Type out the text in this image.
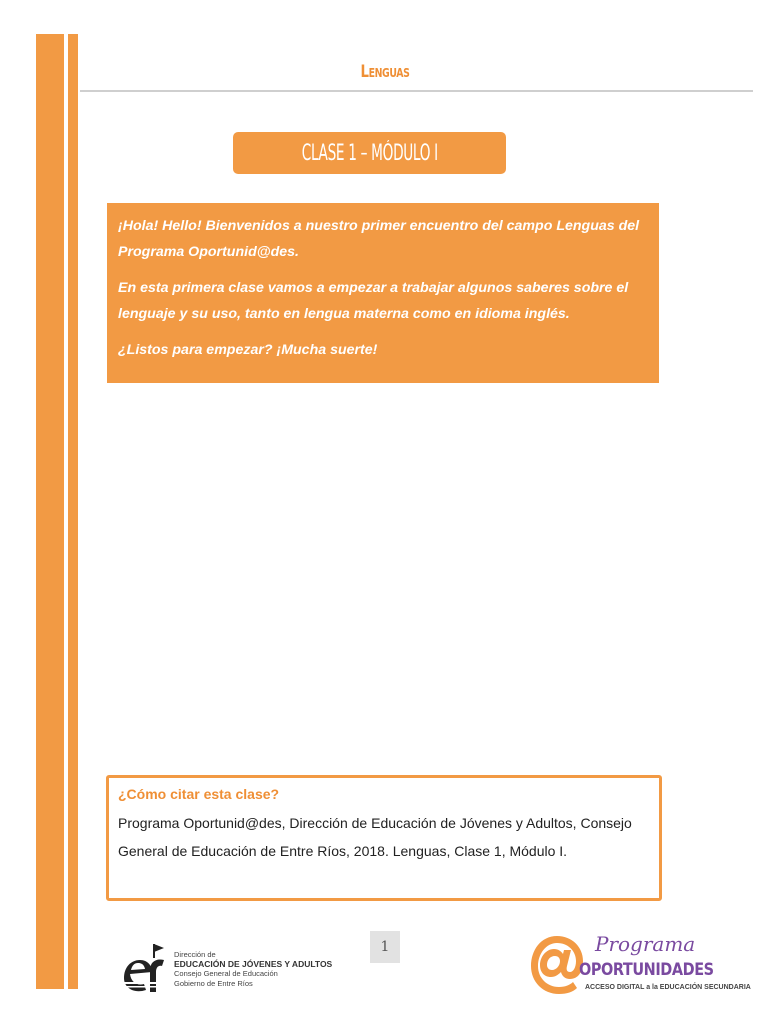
Lenguas
CLASE 1 – MÓDULO I

¡Hola! Hello! Bienvenidos a nuestro primer encuentro del campo Lenguas del Programa Oportunid@des.

En esta primera clase vamos a empezar a trabajar algunos saberes sobre el lenguaje y su uso, tanto en lengua materna como en idioma inglés.

¿Listos para empezar? ¡Mucha suerte!

¿Cómo citar esta clase?
Programa Oportunid@des, Dirección de Educación de Jóvenes y Adultos, Consejo General de Educación de Entre Ríos, 2018. Lenguas, Clase 1, Módulo I.
1
Dirección de
EDUCACIÓN DE JÓVENES Y ADULTOS
Consejo General de Educación
Gobierno de Entre Ríos
Programa
OPORTUNIDADES
ACCESO DIGITAL a la EDUCACIÓN SECUNDARIA
